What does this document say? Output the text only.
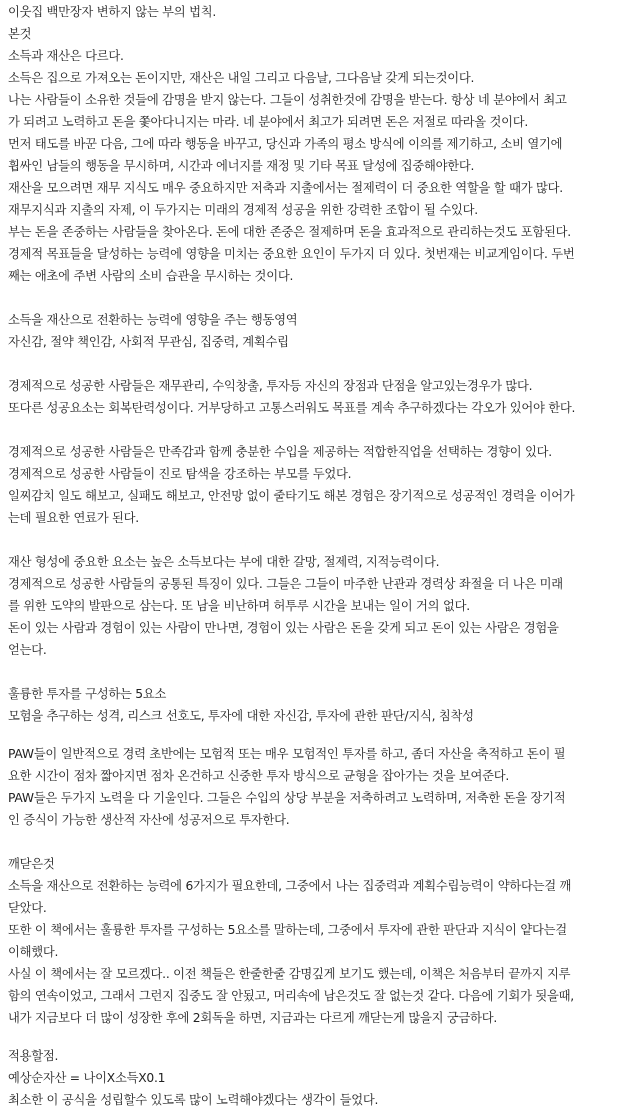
이웃집 백만장자 변하지 않는 부의 법칙.
본것
소득과 재산은 다르다.
소득은 집으로 가져오는 돈이지만, 재산은 내일 그리고 다음날, 그다음날 갖게 되는것이다.
나는 사람들이 소유한 것들에 감명을 받지 않는다. 그들이 성취한것에 감명을 받는다. 항상 네 분야에서 최고
가 되려고 노력하고 돈을 쫓아다니지는 마라. 네 분야에서 최고가 되려면 돈은 저절로 따라올 것이다.
먼저 태도를 바꾼 다음, 그에 따라 행동을 바꾸고, 당신과 가족의 평소 방식에 이의를 제기하고, 소비 열기에
휩싸인 남들의 행동을 무시하며, 시간과 에너지를 재정 및 기타 목표 달성에 집중해야한다.
재산을 모으려면 재무 지식도 매우 중요하지만 저축과 지출에서는 절제력이 더 중요한 역할을 할 때가 많다.
재무지식과 지출의 자제, 이 두가지는 미래의 경제적 성공을 위한 강력한 조합이 될 수있다.
부는 돈을 존중하는 사람들을 찾아온다. 돈에 대한 존중은 절제하며 돈을 효과적으로 관리하는것도 포함된다.
경제적 목표들을 달성하는 능력에 영향을 미치는 중요한 요인이 두가지 더 있다. 첫번재는 비교게임이다. 두번
째는 애초에 주변 사람의 소비 습관을 무시하는 것이다.
소득을 재산으로 전환하는 능력에 영향을 주는 행동영역
자신감, 절약 책인감, 사회적 무관심, 집중력, 계획수립
경제적으로 성공한 사람들은 재무관리, 수익창출, 투자등 자신의 장점과 단점을 알고있는경우가 많다.
또다른 성공요소는 회복탄력성이다. 거부당하고 고통스러워도 목표를 계속 추구하겠다는 각오가 있어야 한다.
경제적으로 성공한 사람들은 만족감과 함께 충분한 수입을 제공하는 적합한직업을 선택하는 경향이 있다.
경제적으로 성공한 사람들이 진로 탐색을 강조하는 부모를 두었다.
일찌감치 일도 해보고, 실패도 해보고, 안전망 없이 줄타기도 해본 경험은 장기적으로 성공적인 경력을 이어가
는데 필요한 연료가 된다.
재산 형성에 중요한 요소는 높은 소득보다는 부에 대한 갈망, 절제력, 지적능력이다.
경제적으로 성공한 사람들의 공통된 특징이 있다. 그들은 그들이 마주한 난관과 경력상 좌절을 더 나은 미래
를 위한 도약의 발판으로 삼는다. 또 남을 비난하며 허투루 시간을 보내는 일이 거의 없다.
돈이 있는 사람과 경험이 있는 사람이 만나면, 경험이 있는 사람은 돈을 갖게 되고 돈이 있는 사람은 경험을
얻는다.
훌륭한 투자를 구성하는 5요소
모험을 추구하는 성격, 리스크 선호도, 투자에 대한 자신감, 투자에 관한 판단/지식, 침착성
PAW들이 일반적으로 경력 초반에는 모험적 또는 매우 모험적인 투자를 하고, 좀더 자산을 축적하고 돈이 필
요한 시간이 점차 짧아지면 점차 온건하고 신중한 투자 방식으로 균형을 잡아가는 것을 보여준다.
PAW들은 두가지 노력을 다 기울인다. 그들은 수입의 상당 부분을 저축하려고 노력하며, 저축한 돈을 장기적
인 증식이 가능한 생산적 자산에 성공저으로 투자한다.
깨닫은것
소득을 재산으로 전환하는 능력에 6가지가 필요한데, 그중에서 나는 집중력과 계획수립능력이 약하다는걸 깨
닫았다.
또한 이 책에서는 훌륭한 투자를 구성하는 5요소를 말하는데, 그중에서 투자에 관한 판단과 지식이 얕다는걸
이해했다.
사실 이 책에서는 잘 모르겠다.. 이전 책들은 한줄한줄 감명깊게 보기도 했는데, 이책은 처음부터 끝까지 지루
함의 연속이었고, 그래서 그런지 집중도 잘 안됬고, 머리속에 남은것도 잘 없는것 같다. 다음에 기회가 됫을때,
내가 지금보다 더 많이 성장한 후에 2회독을 하면, 지금과는 다르게 깨닫는게 많을지 궁금하다.
적용할점.
예상순자산 = 나이X소득X0.1
최소한 이 공식을 성립할수 있도록 많이 노력해야겠다는 생각이 들었다.
